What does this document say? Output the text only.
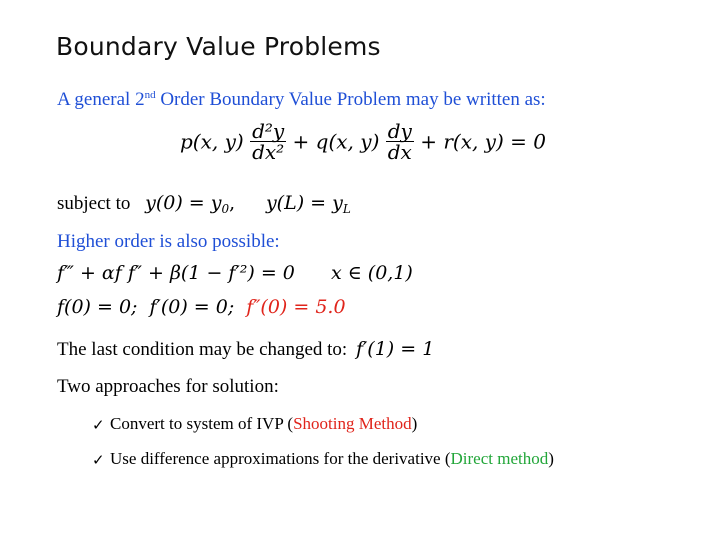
Boundary Value Problems
A general 2nd Order Boundary Value Problem may be written as:
p(x, $y) \frac{\text{d²y}}{\text{dx²}} + q(x$, $y) \frac{dy}{dx} + r(x$, y) = 0
subject to $y(0) = y_0$, $y(L) = y_L$
Higher order is also possible:
f‴ + αf f″ + β(1 − f′²) = 0 x ∈ (0,1)
f(0) = 0; f′(0) = 0; f″(0) = 5.0
The last condition may be changed to: f′(1) = 1
Two approaches for solution:
✓ Convert to system of IVP (Shooting Method)
✓ Use difference approximations for the derivative (Direct method)
